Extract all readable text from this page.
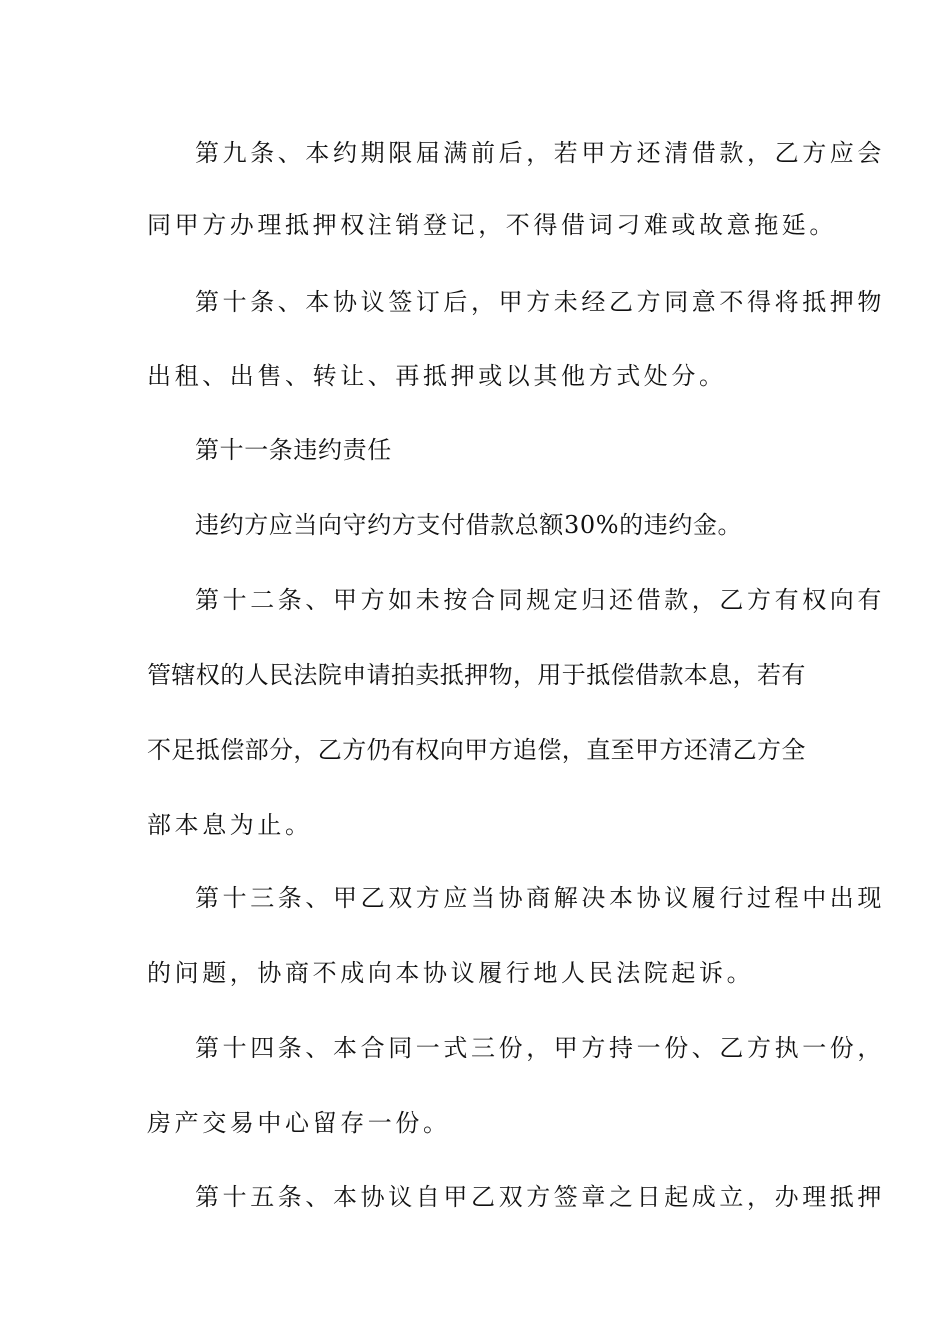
第九条、本约期限届满前后，若甲方还清借款，乙方应会
同甲方办理抵押权注销登记，不得借词刁难或故意拖延。
第十条、本协议签订后，甲方未经乙方同意不得将抵押物
出租、出售、转让、再抵押或以其他方式处分。
第十一条违约责任
违约方应当向守约方支付借款总额30%的违约金。
第十二条、甲方如未按合同规定归还借款，乙方有权向有
管辖权的人民法院申请拍卖抵押物，用于抵偿借款本息，若有
不足抵偿部分，乙方仍有权向甲方追偿，直至甲方还清乙方全
部本息为止。
第十三条、甲乙双方应当协商解决本协议履行过程中出现
的问题，协商不成向本协议履行地人民法院起诉。
第十四条、本合同一式三份，甲方持一份、乙方执一份，
房产交易中心留存一份。
第十五条、本协议自甲乙双方签章之日起成立，办理抵押
